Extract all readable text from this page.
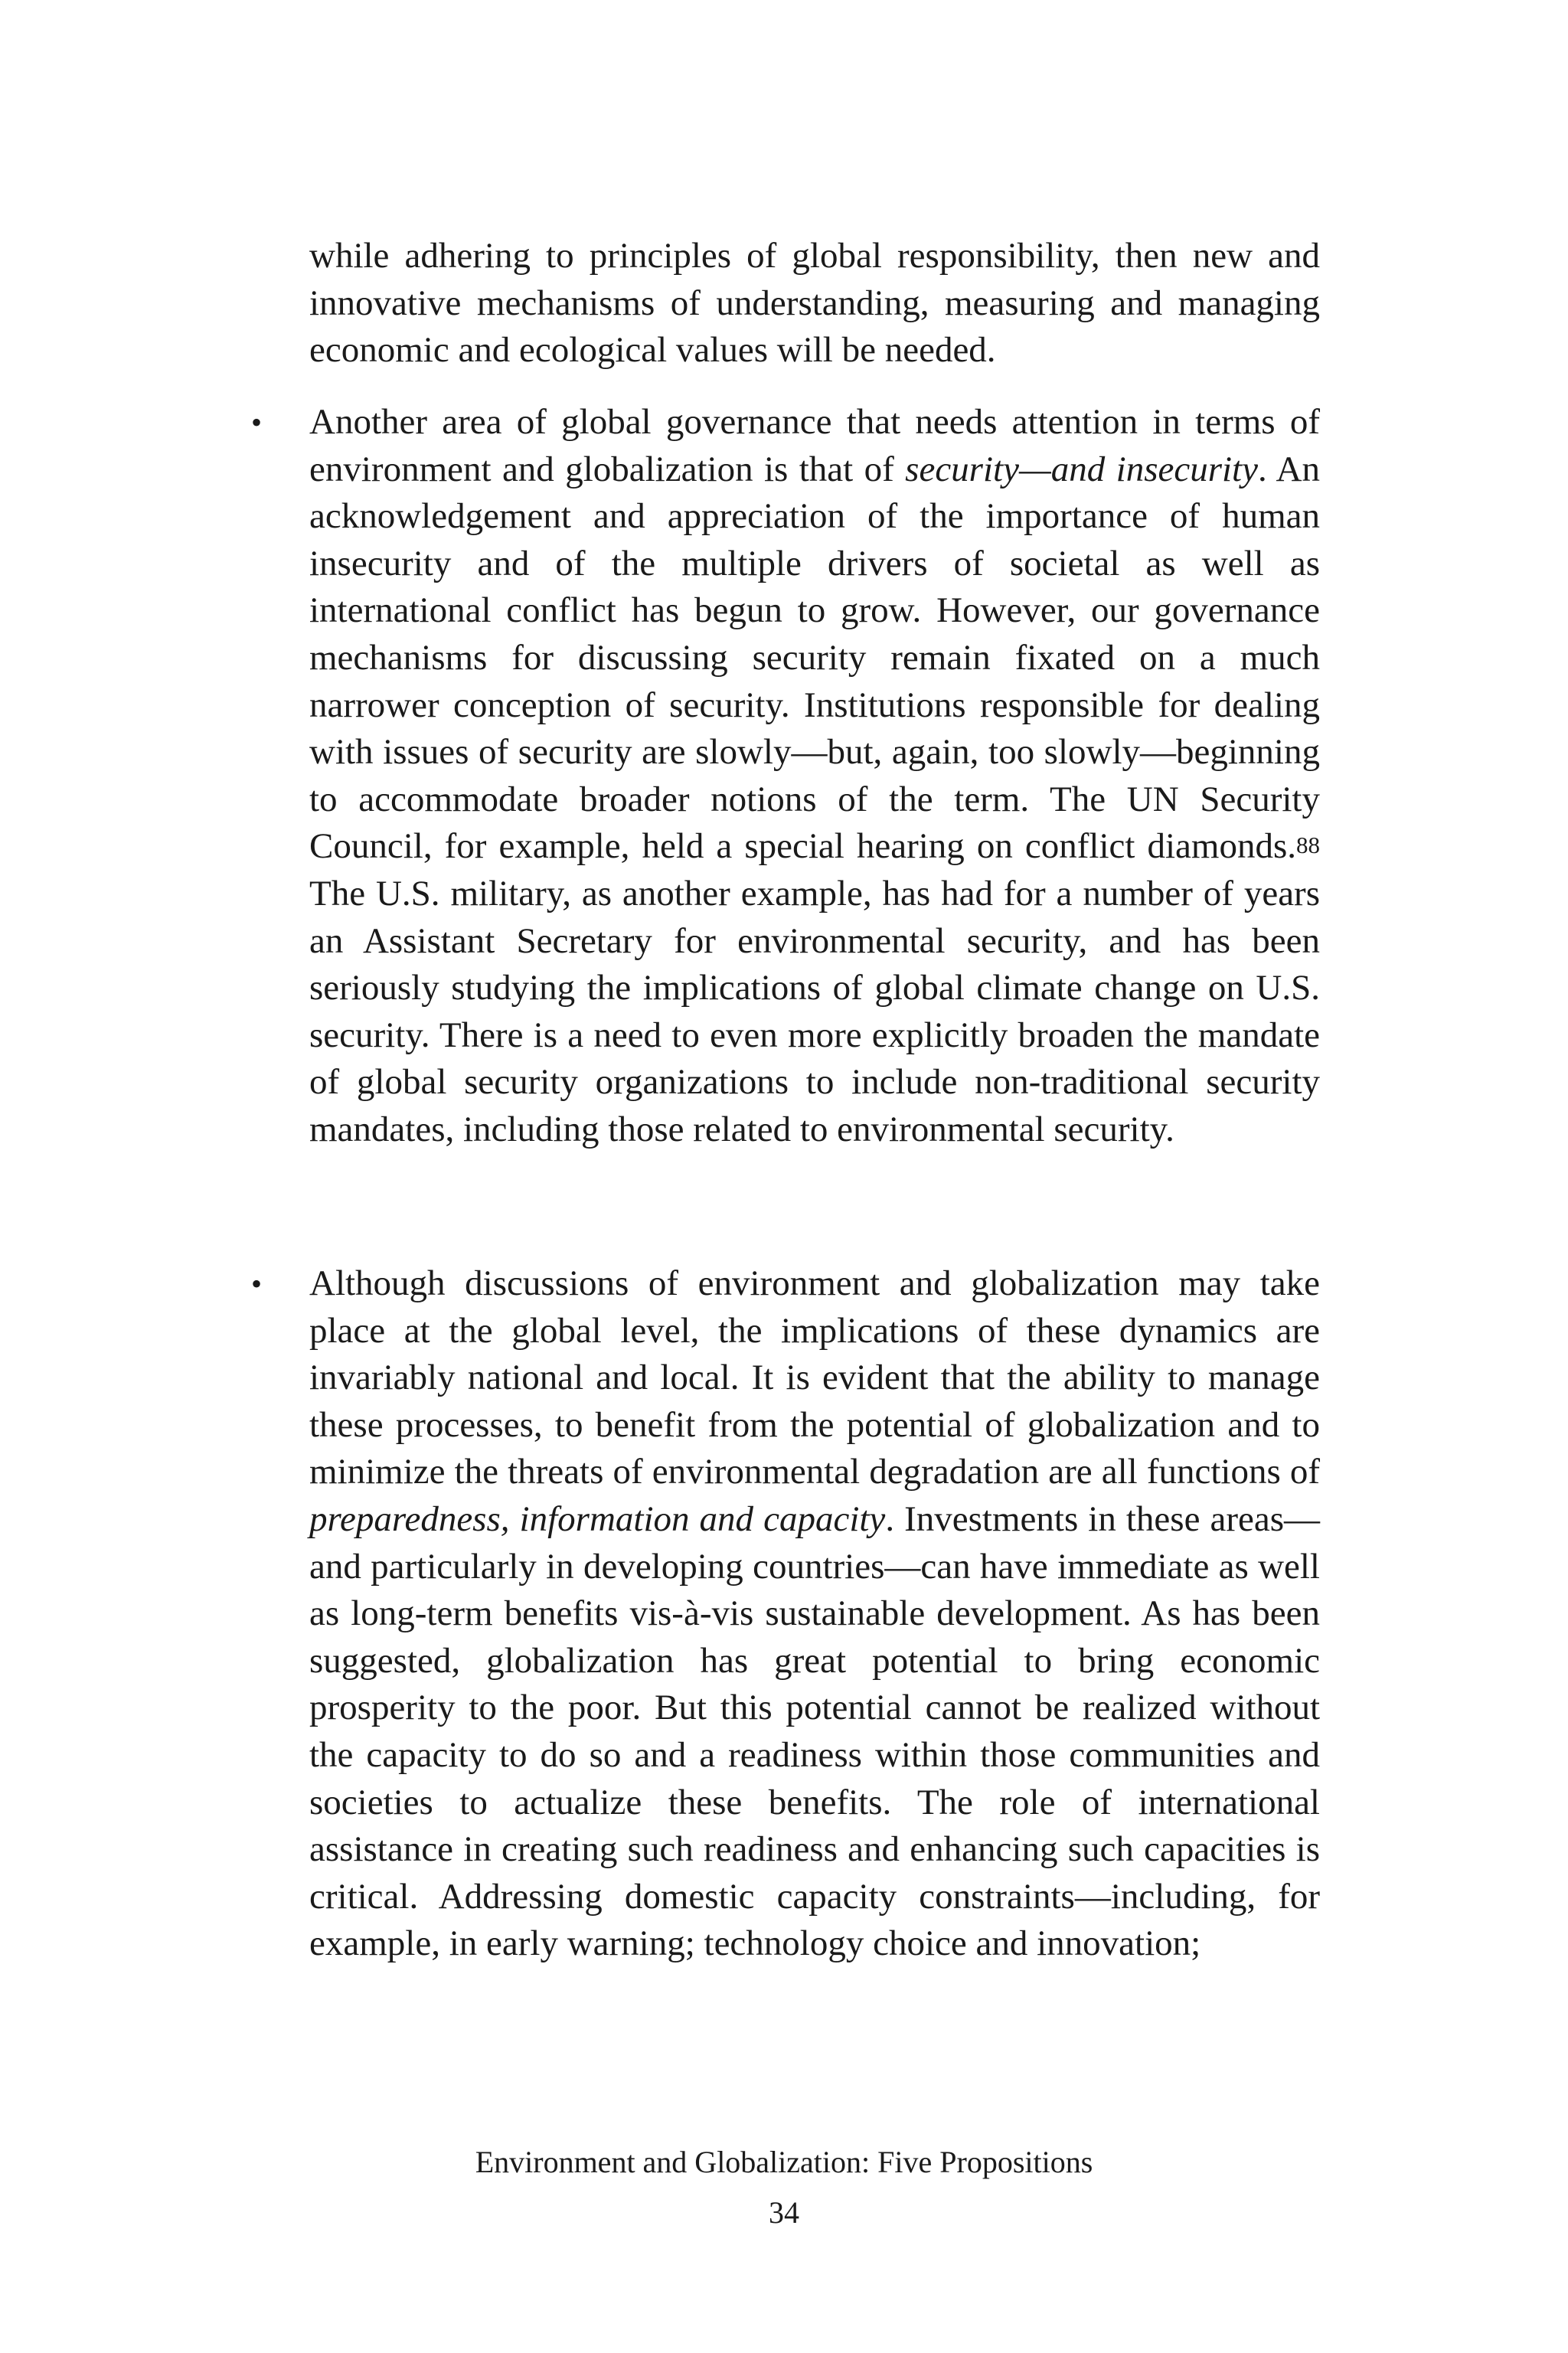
while adhering to principles of global responsibility, then new and innovative mechanisms of understanding, measuring and managing economic and ecological values will be needed.

• Another area of global governance that needs attention in terms of environment and globalization is that of security—and insecurity. An acknowledgement and appreciation of the importance of human insecurity and of the multiple drivers of societal as well as international conflict has begun to grow. However, our governance mechanisms for discussing security remain fixated on a much narrower conception of security. Institutions responsible for dealing with issues of security are slowly—but, again, too slowly—beginning to accommodate broader notions of the term. The UN Security Council, for example, held a special hearing on conflict diamonds.$^{88}$ The U.S. military, as another example, has had for a number of years an Assistant Secretary for environmental security, and has been seriously studying the implications of global climate change on U.S. security. There is a need to even more explicitly broaden the mandate of global security organizations to include non-traditional security mandates, including those related to environmental security.

• Although discussions of environment and globalization may take place at the global level, the implications of these dynamics are invariably national and local. It is evident that the ability to manage these processes, to benefit from the potential of globalization and to minimize the threats of environmental degradation are all functions of preparedness, information and capacity. Investments in these areas—and particularly in developing countries—can have immediate as well as long-term benefits vis-à-vis sustainable development. As has been suggested, globalization has great potential to bring economic prosperity to the poor. But this potential cannot be realized without the capacity to do so and a readiness within those communities and societies to actualize these benefits. The role of international assistance in creating such readiness and enhancing such capacities is critical. Addressing domestic capacity constraints—including, for example, in early warning; technology choice and innovation;

Environment and Globalization: Five Propositions
34
